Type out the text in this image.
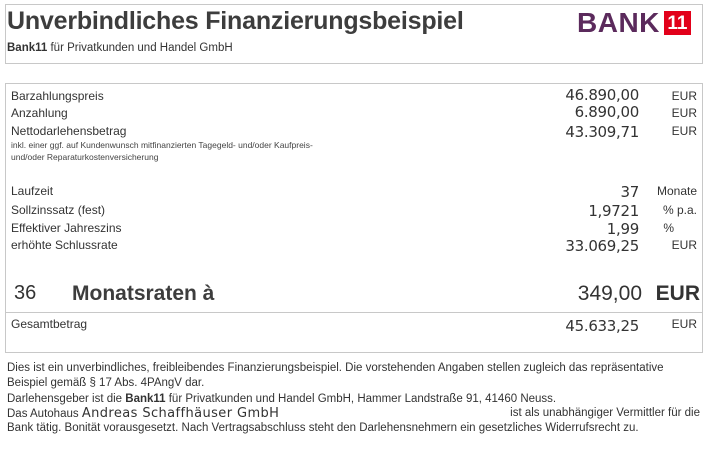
Unverbindliches Finanzierungsbeispiel
Bank11 für Privatkunden und Handel GmbH
BANK 11
Barzahlungspreis	46.890,00	EUR
Anzahlung	6.890,00	EUR
Nettodarlehensbetrag	43.309,71	EUR
inkl. einer ggf. auf Kundenwunsch mitfinanzierten Tagegeld- und/oder Kaufpreis-
und/oder Reparaturkostenversicherung
Laufzeit	37 Monate
Sollzinssatz (fest)	1,9721 % p.a.
Effektiver Jahreszins	1,99 %
erhöhte Schlussrate	33.069,25	EUR
36 Monatsraten à	349,00 EUR
Gesamtbetrag	45.633,25	EUR
Dies ist ein unverbindliches, freibleibendes Finanzierungsbeispiel. Die vorstehenden Angaben stellen zugleich das repräsentative
Beispiel gemäß § 17 Abs. 4PAngV dar.
Darlehensgeber ist die Bank11 für Privatkunden und Handel GmbH, Hammer Landstraße 91, 41460 Neuss.
Das Autohaus Andreas Schaffhäuser GmbH	ist als unabhängiger Vermittler für die
Bank tätig. Bonität vorausgesetzt. Nach Vertragsabschluss steht den Darlehensnehmern ein gesetzliches Widerrufsrecht zu.
